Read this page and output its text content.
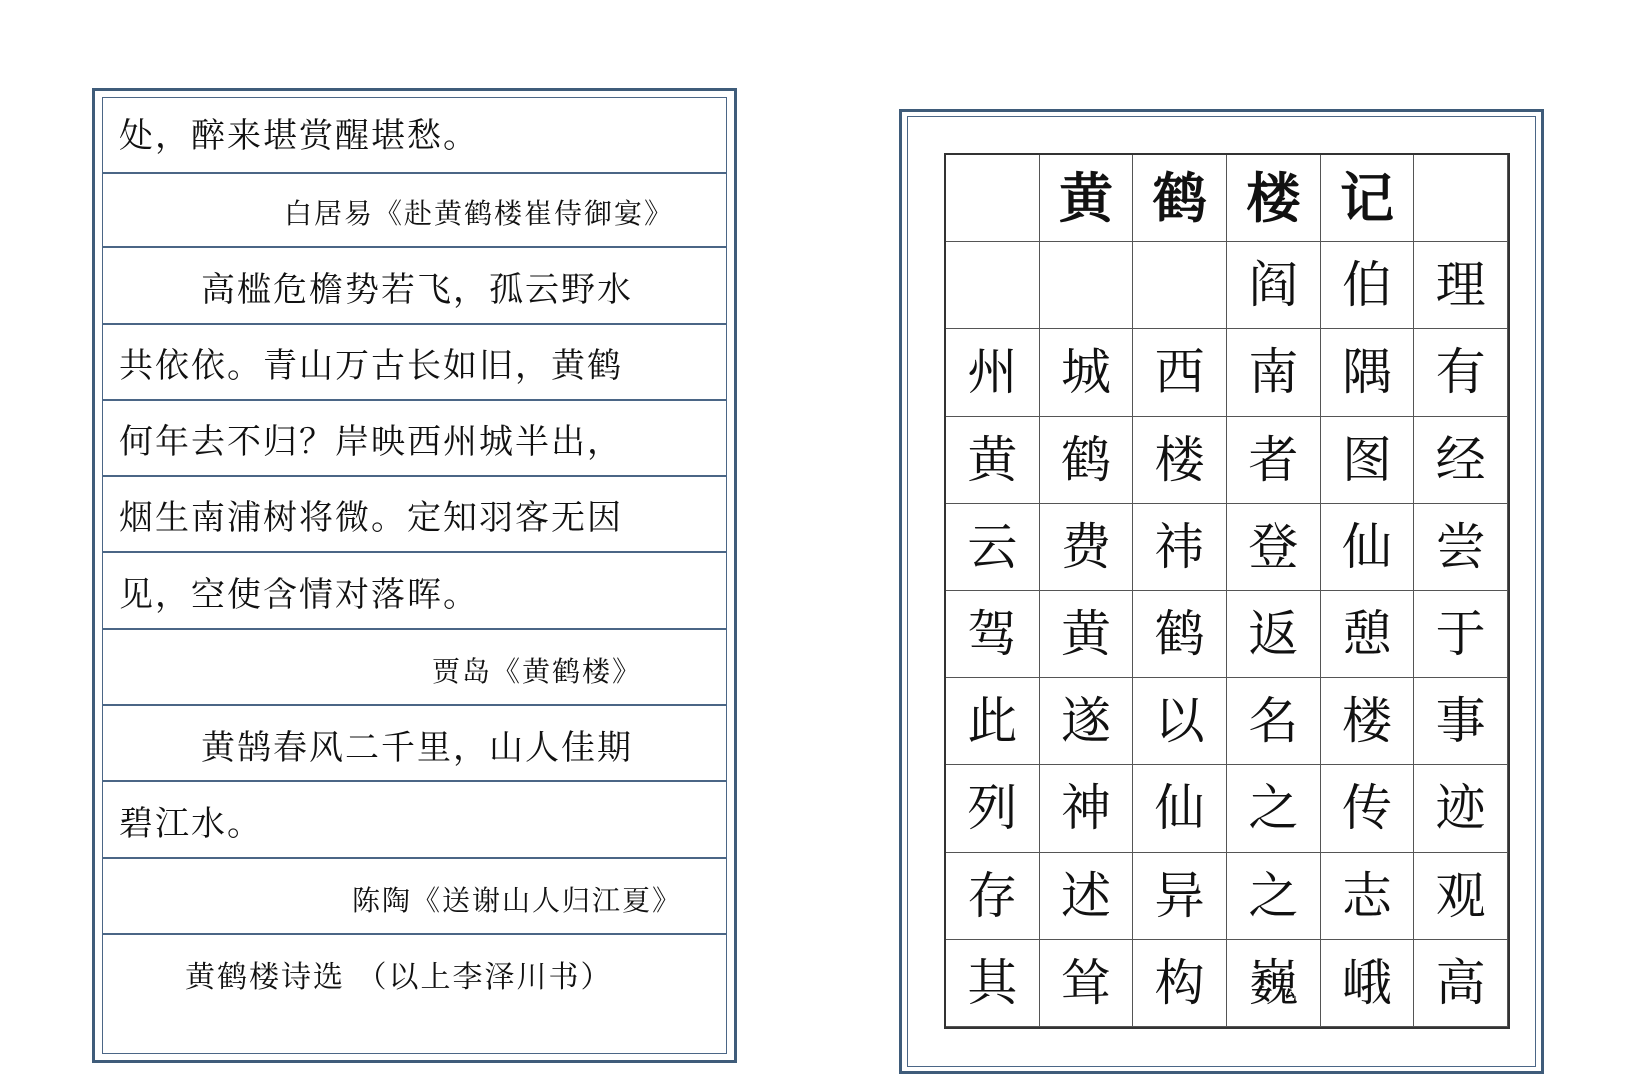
处，醉来堪赏醒堪愁。
白居易《赴黄鹤楼崔侍御宴》
高槛危檐势若飞，孤云野水
共依依。青山万古长如旧，黄鹤
何年去不归？岸映西州城半出，
烟生南浦树将微。定知羽客无因
见，空使含情对落晖。
贾岛《黄鹤楼》
黄鹄春风二千里，山人佳期
碧江水。
陈陶《送谢山人归江夏》
黄鹤楼诗选 （以上李泽川书）
黄 鹤 楼 记
阎 伯 理
州 城 西 南 隅 有
黄 鹤 楼 者 图 经
云 费 祎 登 仙 尝
驾 黄 鹤 返 憩 于
此 遂 以 名 楼 事
列 神 仙 之 传 迹
存 述 异 之 志 观
其 耸 构 巍 峨 高
